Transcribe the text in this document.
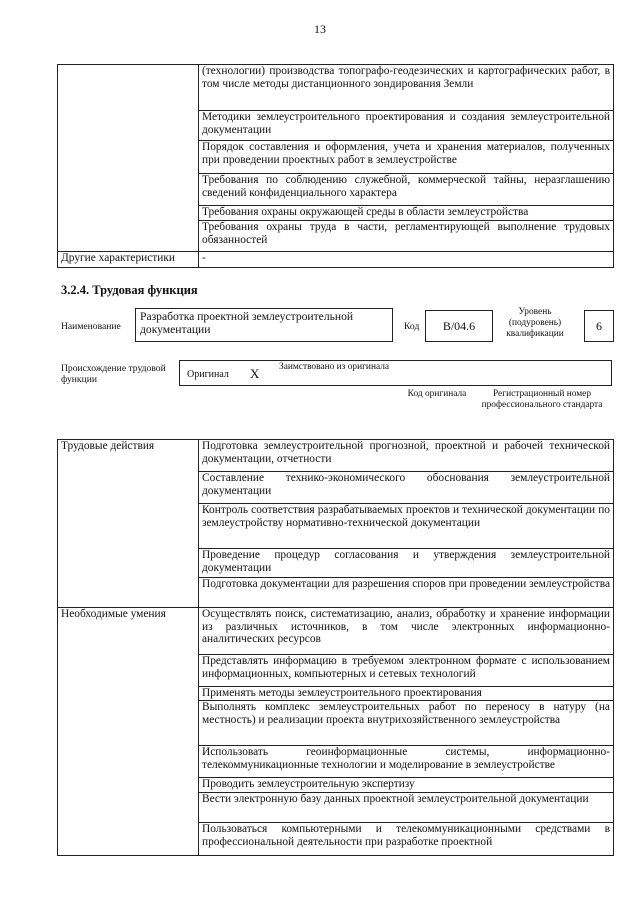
13
	(технологии) производства топографо-геодезических и картографических работ, в том числе методы дистанционного зондирования Земли
	Методики землеустроительного проектирования и создания землеустроительной документации
	Порядок составления и оформления, учета и хранения материалов, полученных при проведении проектных работ в землеустройстве
	Требования по соблюдению служебной, коммерческой тайны, неразглашению сведений конфиденциального характера
	Требования охраны окружающей среды в области землеустройства
	Требования охраны труда в части, регламентирующей выполнение трудовых обязанностей
Другие характеристики	-
3.2.4. Трудовая функция
Наименование
Разработка проектной землеустроительной документации	Код	В/04.6
Уровень (подуровень) квалификации
6
Происхождение трудовой функции	Оригинал X Заимствовано из оригинала
Код оригинала	Регистрационный номер профессионального стандарта
Трудовые действия	Подготовка землеустроительной прогнозной, проектной и рабочей технической документации, отчетности
	Составление технико-экономического обоснования землеустроительной документации
	Контроль соответствия разрабатываемых проектов и технической документации по землеустройству нормативно-технической документации
	Проведение процедур согласования и утверждения землеустроительной документации
	Подготовка документации для разрешения споров при проведении землеустройства
Необходимые умения	Осуществлять поиск, систематизацию, анализ, обработку и хранение информации из различных источников, в том числе электронных информационно-аналитических ресурсов
	Представлять информацию в требуемом электронном формате с использованием информационных, компьютерных и сетевых технологий
	Применять методы землеустроительного проектирования
	Выполнять комплекс землеустроительных работ по переносу в натуру (на местность) и реализации проекта внутрихозяйственного землеустройства
	Использовать геоинформационные системы, информационно-телекоммуникационные технологии и моделирование в землеустройстве
	Проводить землеустроительную экспертизу
	Вести электронную базу данных проектной землеустроительной документации
	Пользоваться компьютерными и телекоммуникационными средствами в профессиональной деятельности при разработке проектной
